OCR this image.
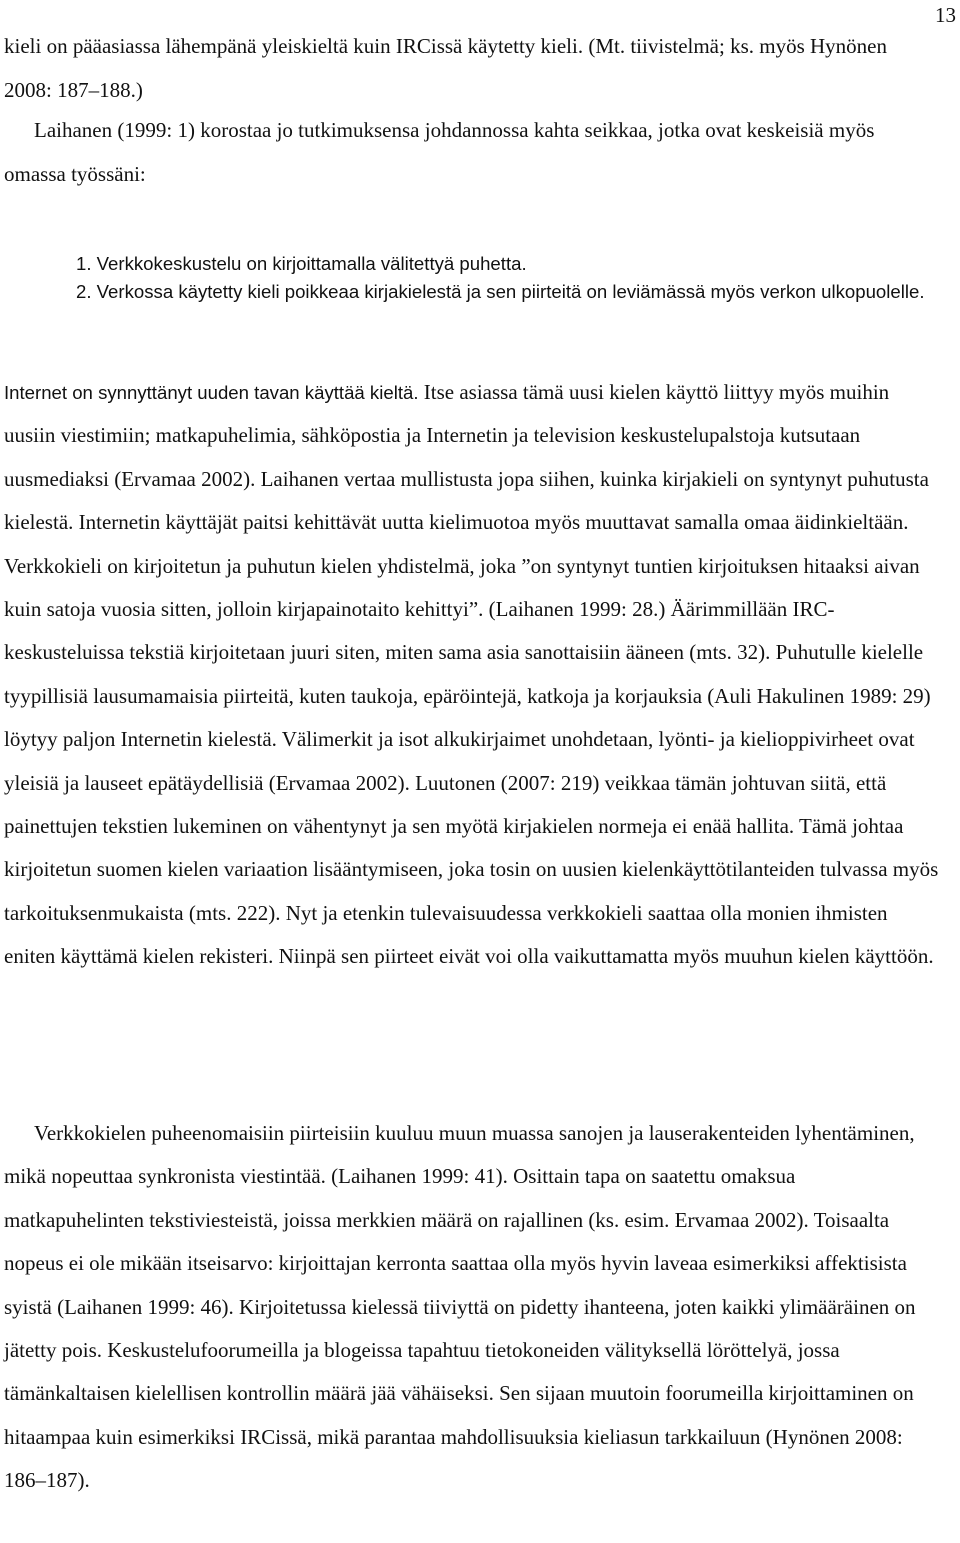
13

kieli on pääasiassa lähempänä yleiskieltä kuin IRCissä käytetty kieli. (Mt. tiivistelmä; ks. myös Hynönen 2008: 187–188.)

Laihanen (1999: 1) korostaa jo tutkimuksensa johdannossa kahta seikkaa, jotka ovat keskeisiä myös omassa työssäni:

1. Verkkokeskustelu on kirjoittamalla välitettyä puhetta.
2. Verkossa käytetty kieli poikkeaa kirjakielestä ja sen piirteitä on leviämässä myös verkon ulkopuolelle.

Internet on synnyttänyt uuden tavan käyttää kieltä. Itse asiassa tämä uusi kielen käyttö liittyy myös muihin uusiin viestimiin; matkapuhelimia, sähköpostia ja Internetin ja television keskustelupalstoja kutsutaan uusmediaksi (Ervamaa 2002). Laihanen vertaa mullistusta jopa siihen, kuinka kirjakieli on syntynyt puhutusta kielestä. Internetin käyttäjät paitsi kehittävät uutta kielimuotoa myös muuttavat samalla omaa äidinkieltään. Verkkokieli on kirjoitetun ja puhutun kielen yhdistelmä, joka ”on syntynyt tuntien kirjoituksen hitaaksi aivan kuin satoja vuosia sitten, jolloin kirjapainotaito kehittyi”. (Laihanen 1999: 28.) Äärimmillään IRC-keskusteluissa tekstiä kirjoitetaan juuri siten, miten sama asia sanottaisiin ääneen (mts. 32). Puhutulle kielelle tyypillisiä lausumamaisia piirteitä, kuten taukoja, epäröintejä, katkoja ja korjauksia (Auli Hakulinen 1989: 29) löytyy paljon Internetin kielestä. Välimerkit ja isot alkukirjaimet unohdetaan, lyönti- ja kielioppivirheet ovat yleisiä ja lauseet epätäydellisiä (Ervamaa 2002). Luutonen (2007: 219) veikkaa tämän johtuvan siitä, että painettujen tekstien lukeminen on vähentynyt ja sen myötä kirjakielen normeja ei enää hallita. Tämä johtaa kirjoitetun suomen kielen variaation lisääntymiseen, joka tosin on uusien kielenkäyttötilanteiden tulvassa myös tarkoituksenmukaista (mts. 222). Nyt ja etenkin tulevaisuudessa verkkokieli saattaa olla monien ihmisten eniten käyttämä kielen rekisteri. Niinpä sen piirteet eivät voi olla vaikuttamatta myös muuhun kielen käyttöön.

Verkkokielen puheenomaisiin piirteisiin kuuluu muun muassa sanojen ja lauserakenteiden lyhentäminen, mikä nopeuttaa synkronista viestintää. (Laihanen 1999: 41). Osittain tapa on saatettu omaksua matkapuhelinten tekstiviesteistä, joissa merkkien määrä on rajallinen (ks. esim. Ervamaa 2002). Toisaalta nopeus ei ole mikään itseisarvo: kirjoittajan kerronta saattaa olla myös hyvin laveaa esimerkiksi affektisista syistä (Laihanen 1999: 46). Kirjoitetussa kielessä tiiviyttä on pidetty ihanteena, joten kaikki ylimääräinen on jätetty pois. Keskustelufoorumeilla ja blogeissa tapahtuu tietokoneiden välityksellä löröttelyä, jossa tämänkaltaisen kielellisen kontrollin määrä jää vähäiseksi. Sen sijaan muutoin foorumeilla kirjoittaminen on hitaampaa kuin esimerkiksi IRCissä, mikä parantaa mahdollisuuksia kieliasun tarkkailuun (Hynönen 2008: 186–187).
